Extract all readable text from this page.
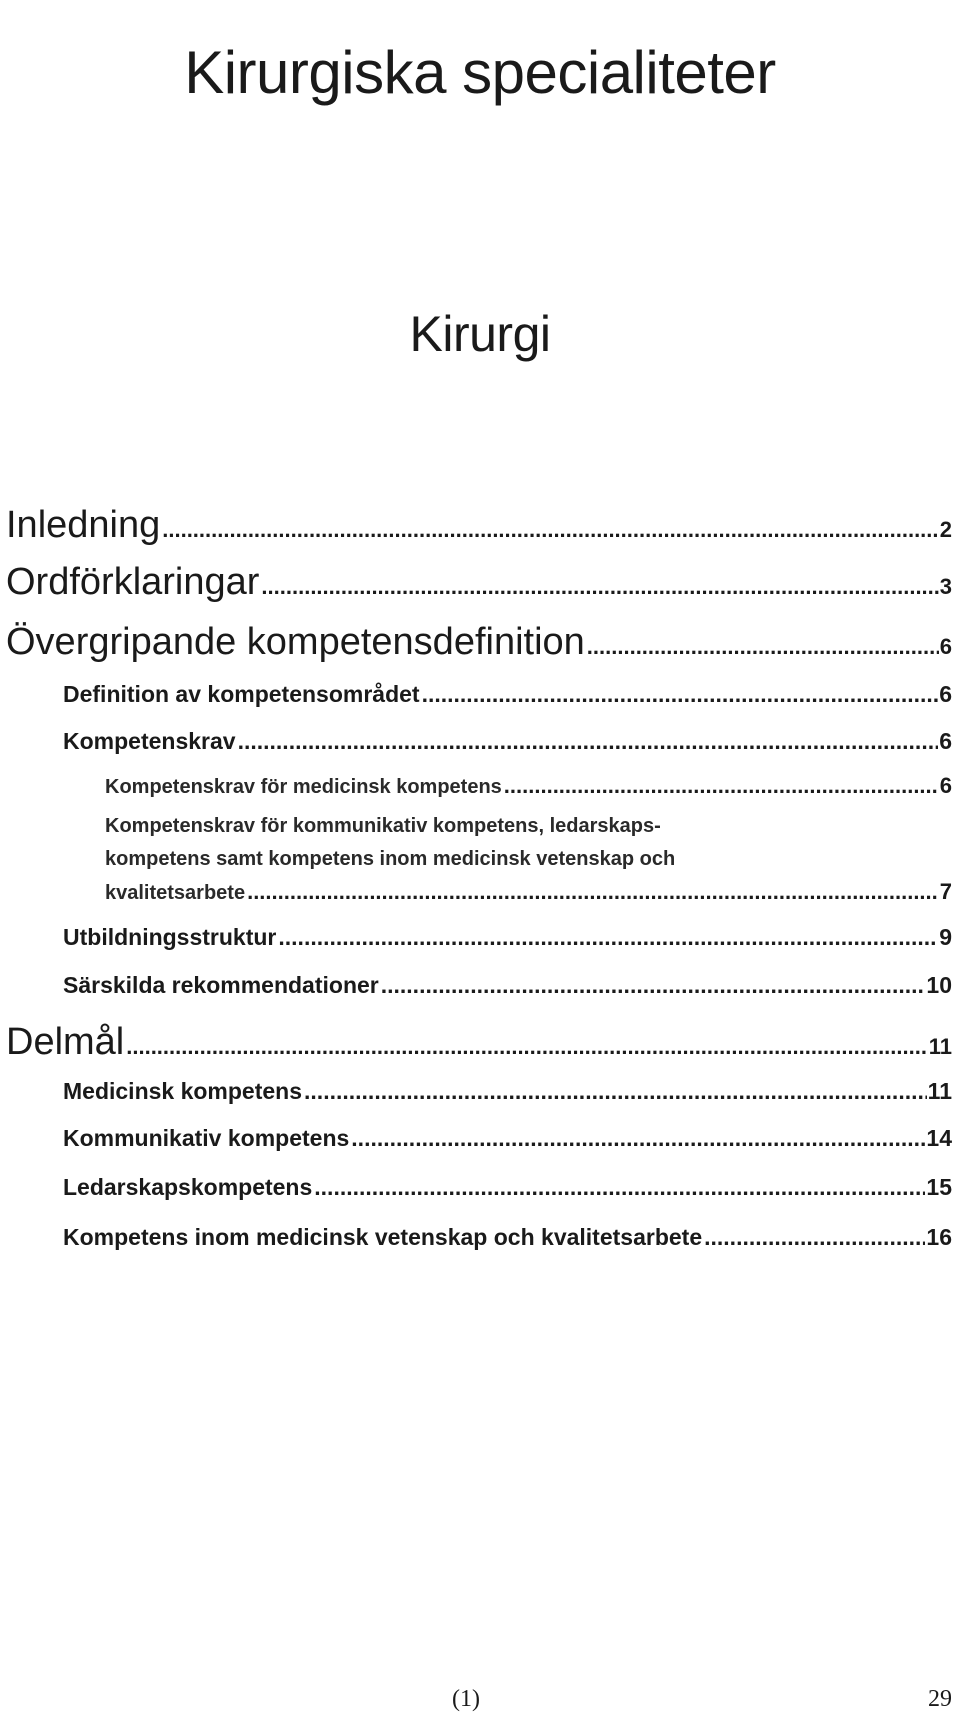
Kirurgiska specialiteter
Kirurgi
Inledning .....	2
Ordförklaringar .....	3
Övergripande kompetensdefinition .....	6
Definition av kompetensområdet .....	6
Kompetenskrav .....	6
Kompetenskrav för medicinsk kompetens .....	6
Kompetenskrav för kommunikativ kompetens, ledarskaps-
kompetens samt kompetens inom medicinsk vetenskap och
kvalitetsarbete .....	7
Utbildningsstruktur .....	9
Särskilda rekommendationer .....	10
Delmål .....	11
Medicinsk kompetens .....	11
Kommunikativ kompetens .....	14
Ledarskapskompetens .....	15
Kompetens inom medicinsk vetenskap och kvalitetsarbete .....	16
(1)	29
